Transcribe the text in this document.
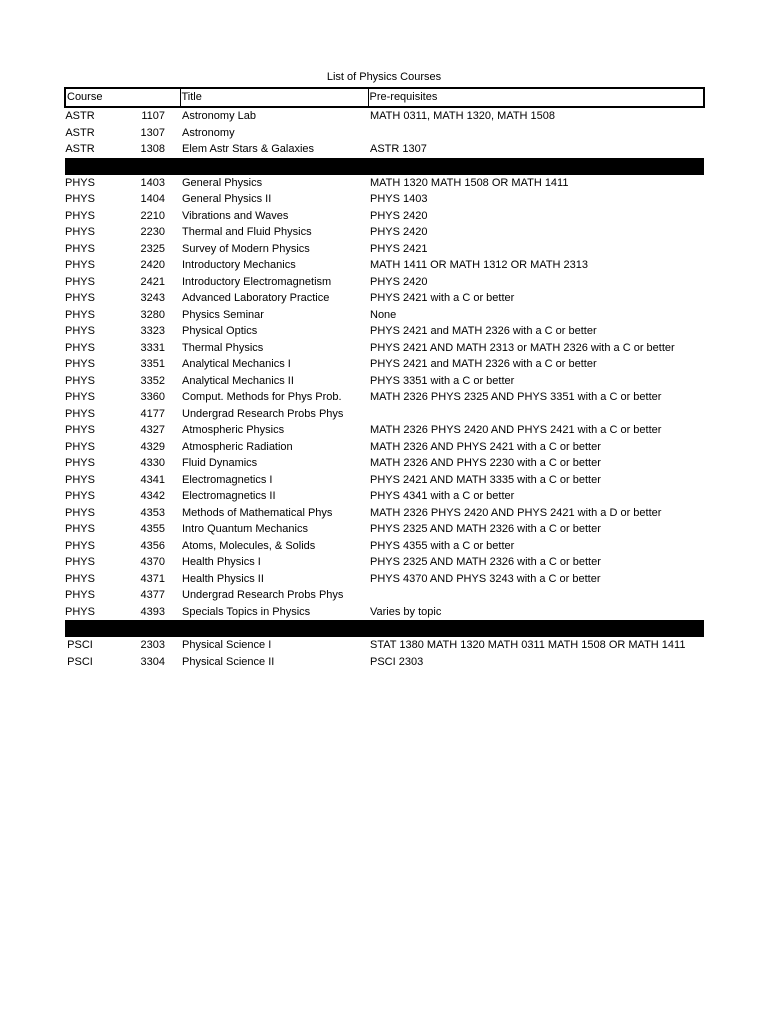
List of Physics Courses
Course		Title	Pre-requisites
ASTR	1107	Astronomy Lab	MATH 0311, MATH 1320, MATH 1508
ASTR	1307	Astronomy	
ASTR	1308	Elem Astr Stars & Galaxies	ASTR 1307

PHYS	1403	General Physics	MATH 1320 MATH 1508 OR MATH 1411
PHYS	1404	General Physics II	PHYS 1403
PHYS	2210	Vibrations and Waves	PHYS 2420
PHYS	2230	Thermal and Fluid Physics	PHYS 2420
PHYS	2325	Survey of Modern Physics	PHYS 2421
PHYS	2420	Introductory Mechanics	MATH 1411 OR MATH 1312 OR MATH 2313
PHYS	2421	Introductory Electromagnetism	PHYS 2420
PHYS	3243	Advanced Laboratory Practice	PHYS 2421 with a C or better
PHYS	3280	Physics Seminar	None
PHYS	3323	Physical Optics	PHYS 2421 and MATH 2326 with a C or better
PHYS	3331	Thermal Physics	PHYS 2421 AND MATH 2313 or MATH 2326 with a C or better
PHYS	3351	Analytical Mechanics I	PHYS 2421 and MATH 2326 with a C or better
PHYS	3352	Analytical Mechanics II	PHYS 3351 with a C or better
PHYS	3360	Comput. Methods for Phys Prob.	MATH 2326 PHYS 2325 AND PHYS 3351 with a C or better
PHYS	4177	Undergrad Research Probs Phys	
PHYS	4327	Atmospheric Physics	MATH 2326 PHYS 2420 AND PHYS 2421 with a C or better
PHYS	4329	Atmospheric Radiation	MATH 2326 AND PHYS 2421 with a C or better
PHYS	4330	Fluid Dynamics	MATH 2326 AND PHYS 2230 with a C or better
PHYS	4341	Electromagnetics I	PHYS 2421 AND MATH 3335 with a C or better
PHYS	4342	Electromagnetics II	PHYS 4341 with a C or better
PHYS	4353	Methods of Mathematical Phys	MATH 2326 PHYS 2420 AND PHYS 2421 with a D or better
PHYS	4355	Intro Quantum Mechanics	PHYS 2325 AND MATH 2326 with a C or better
PHYS	4356	Atoms, Molecules, & Solids	PHYS 4355 with a C or better
PHYS	4370	Health Physics I	PHYS 2325 AND MATH 2326 with a C or better
PHYS	4371	Health Physics II	PHYS 4370 AND PHYS 3243 with a C or better
PHYS	4377	Undergrad Research Probs Phys	
PHYS	4393	Specials Topics in Physics	Varies by topic

PSCI	2303	Physical Science I	STAT 1380 MATH 1320 MATH 0311 MATH 1508 OR MATH 1411
PSCI	3304	Physical Science II	PSCI 2303
